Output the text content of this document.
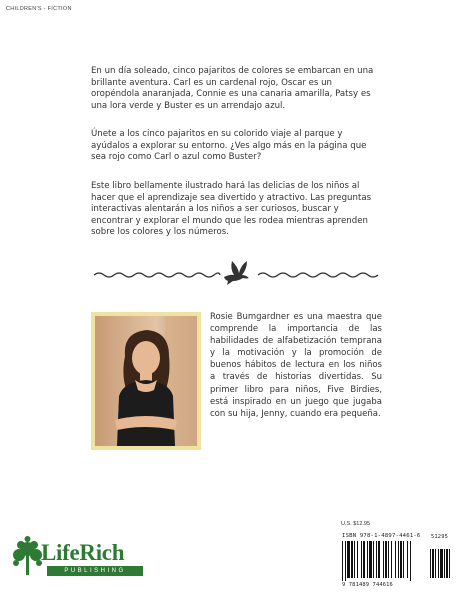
CHILDREN'S - FICTION
En un día soleado, cinco pajaritos de colores se embarcan en una brillante aventura. Carl es un cardenal rojo, Oscar es un oropéndola anaranjada, Connie es una canaria amarilla, Patsy es una lora verde y Buster es un arrendajo azul.
Únete a los cinco pajaritos en su colorido viaje al parque y ayúdalos a explorar su entorno. ¿Ves algo más en la página que sea rojo como Carl o azul como Buster?
Este libro bellamente ilustrado hará las delicias de los niños al hacer que el aprendizaje sea divertido y atractivo. Las preguntas interactivas alentarán a los niños a ser curiosos, buscar y encontrar y explorar el mundo que les rodea mientras aprenden sobre los colores y los números.
Rosie Bumgardner es una maestra que comprende la importancia de las habilidades de alfabetización temprana y la motivación y la promoción de buenos hábitos de lectura en los niños a través de historias divertidas. Su primer libro para niños, Five Birdies, está inspirado en un juego que jugaba con su hija, Jenny, cuando era pequeña.
LifeRich
PUBLISHING
U.S. $12.95
ISBN 978-1-4897-4461-6
9 781489 744616
51295
